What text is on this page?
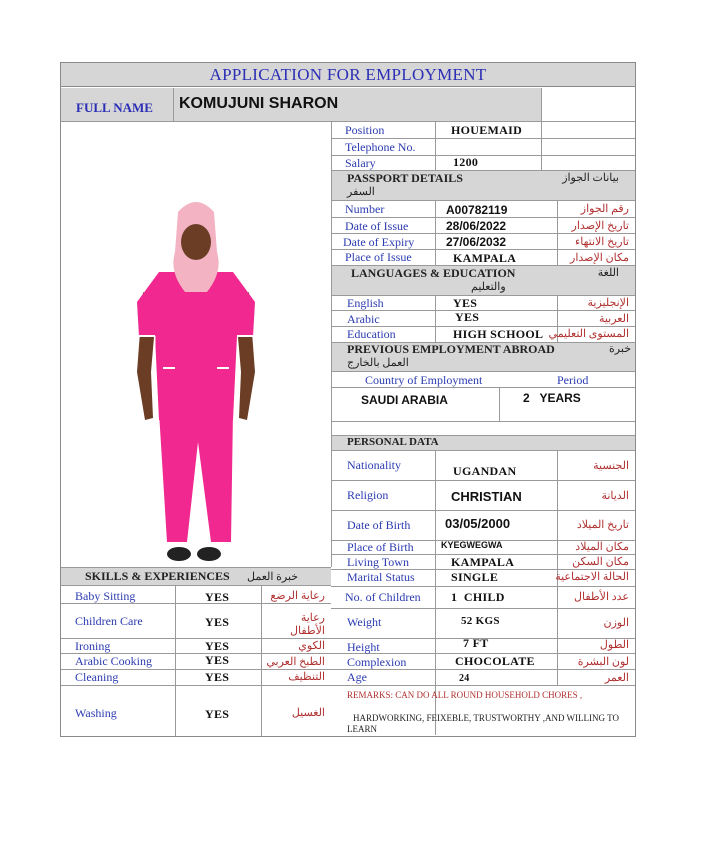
APPLICATION FOR EMPLOYMENT
FULL NAME KOMUJUNI SHARON
Position	HOUEMAID
Telephone No.
Salary	1200
PASSPORT DETAILS	بيانات الجواز
السفر
Number	A00782119	رقم الجواز
Date of Issue	28/06/2022	تاريخ الإصدار
Date of Expiry	27/06/2032	تاريخ الانتهاء
Place of Issue	KAMPALA	مكان الإصدار
LANGUAGES & EDUCATION	اللغة
والتعليم
English	YES	الإنجليزية
Arabic	YES	العربية
Education	HIGH SCHOOL المستوى التعليمي
PREVIOUS EMPLOYMENT ABROAD	خبرة
العمل بالخارج
Country of Employment	Period
SAUDI ARABIA	2   YEARS
PERSONAL DATA
Nationality	UGANDAN	الجنسية
Religion	CHRISTIAN	الديانة
Date of Birth	03/05/2000	تاريخ الميلاد
Place of Birth	KYEGWEGWA	مكان الميلاد
Living Town	KAMPALA	مكان السكن
Marital Status	SINGLE	الحالة الاجتماعية
No. of Children	1  CHILD	عدد الأطفال
Weight	52 KGS	الوزن
Height	7 FT	الطول
Complexion	CHOCOLATE	لون البشرة
Age	24	العمر
REMARKS: CAN DO ALL ROUND HOUSEHOLD CHORES ,
HARDWORKING, FEIXEBLE, TRUSTWORTHY ,AND WILLING TO
LEARN
SKILLS & EXPERIENCES خبرة العمل
Baby Sitting	YES	رعاية الرضع
Children Care	YES	رعاية الأطفال
Ironing	YES	الكوي
Arabic Cooking	YES	الطبخ العربي
Cleaning	YES	التنظيف
Washing	YES	الغسيل
